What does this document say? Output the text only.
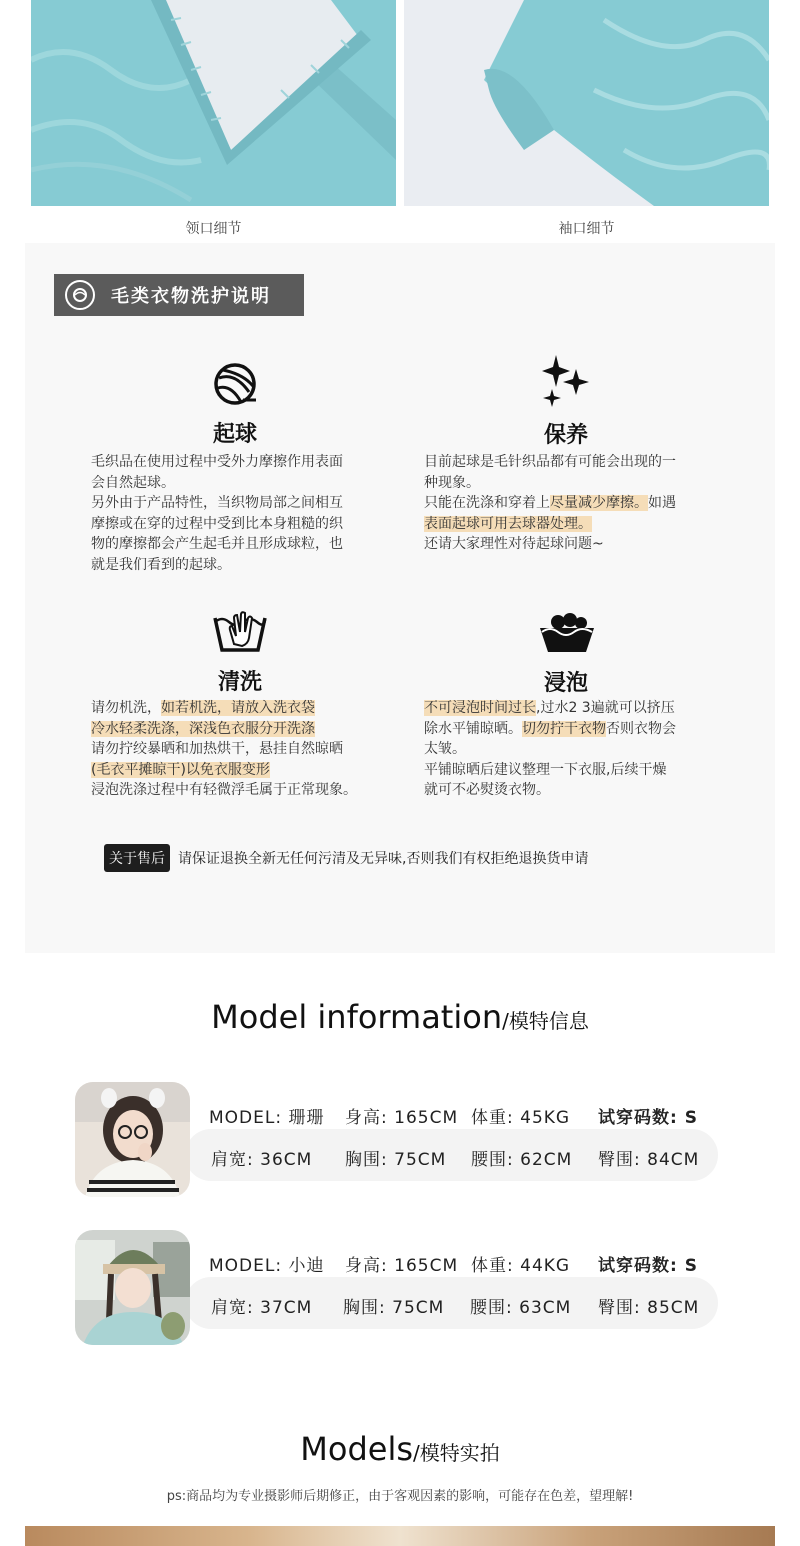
领口细节	袖口细节
毛类衣物洗护说明
起球
毛织品在使用过程中受外力摩擦作用表面
会自然起球。
另外由于产品特性，当织物局部之间相互
摩擦或在穿的过程中受到比本身粗糙的织
物的摩擦都会产生起毛并且形成球粒，也
就是我们看到的起球。
保养
目前起球是毛针织品都有可能会出现的一
种现象。
只能在洗涤和穿着上尽量减少摩擦。如遇
表面起球可用去球器处理。
还请大家理性对待起球问题~
清洗
请勿机洗，如若机洗，请放入洗衣袋
冷水轻柔洗涤，深浅色衣服分开洗涤
请勿拧绞暴晒和加热烘干，悬挂自然晾晒
(毛衣平摊晾干)以免衣服变形
浸泡洗涤过程中有轻微浮毛属于正常现象。
浸泡
不可浸泡时间过长,过水2 3遍就可以挤压
除水平铺晾晒。切勿拧干衣物否则衣物会
太皱。
平铺晾晒后建议整理一下衣服,后续干燥
就可不必熨烫衣物。
关于售后 请保证退换全新无任何污清及无异味,否则我们有权拒绝退换货申请
Model information/模特信息
MODEL: 珊珊 身高: 165CM 体重: 45KG 试穿码数: S
肩宽: 36CM 胸围: 75CM 腰围: 62CM 臀围: 84CM
MODEL: 小迪 身高: 165CM 体重: 44KG 试穿码数: S
肩宽: 37CM 胸围: 75CM 腰围: 63CM 臀围: 85CM
Models/模特实拍
ps:商品均为专业摄影师后期修正，由于客观因素的影响，可能存在色差，望理解!
